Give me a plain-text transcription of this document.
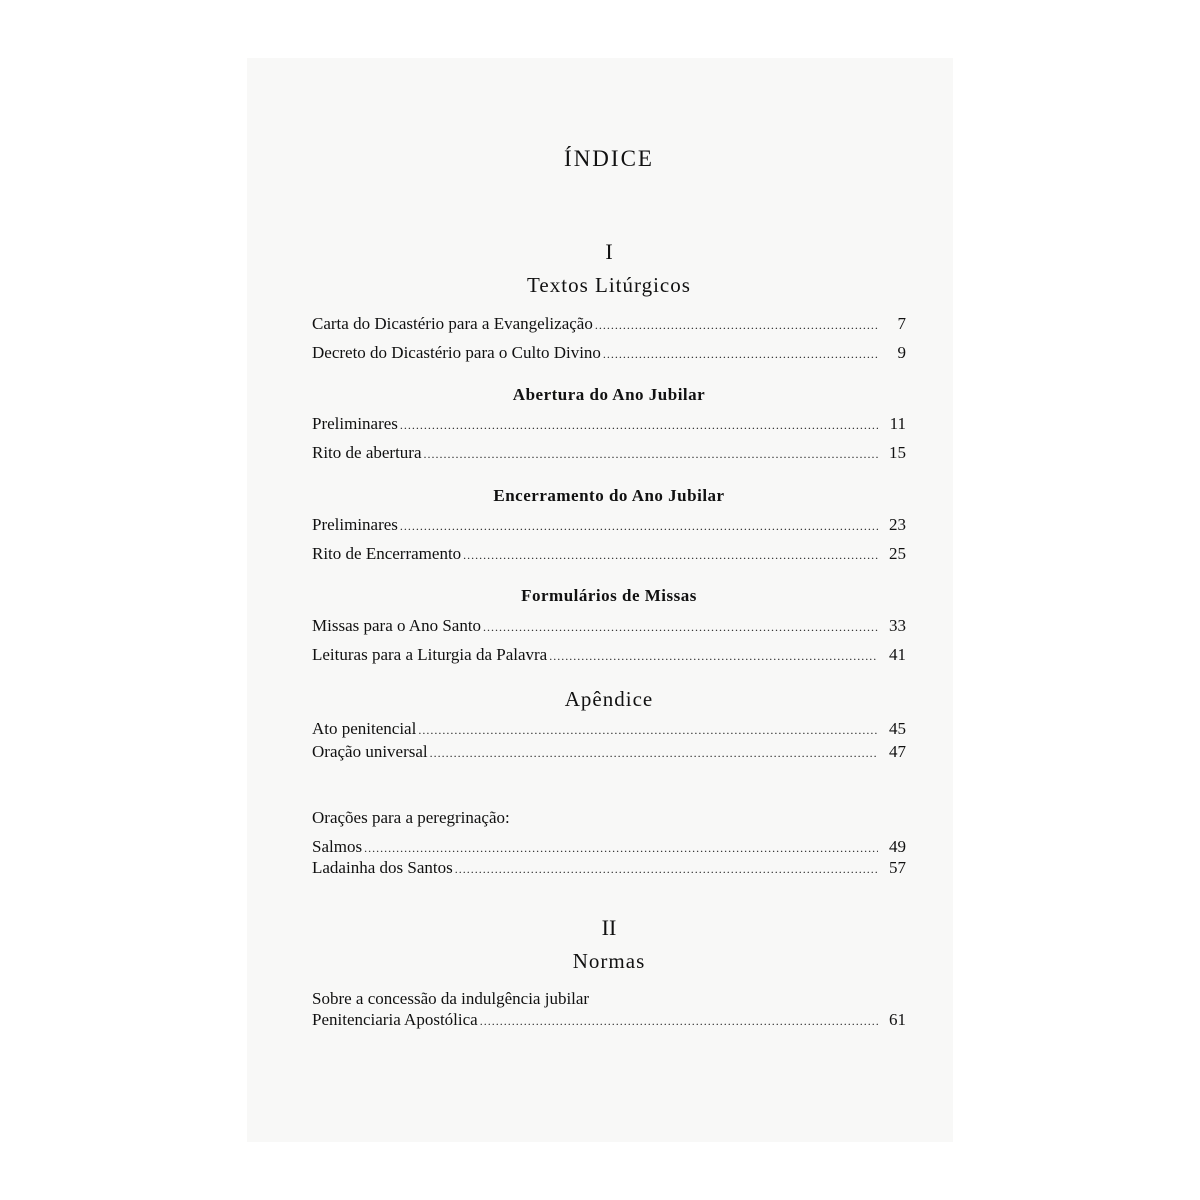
ÍNDICE
I
Textos Litúrgicos
Carta do Dicastério para a Evangelização .....	7
Decreto do Dicastério para o Culto Divino .....	9
Abertura do Ano Jubilar
Preliminares .....	11
Rito de abertura .....	15
Encerramento do Ano Jubilar
Preliminares .....	23
Rito de Encerramento .....	25
Formulários de Missas
Missas para o Ano Santo .....	33
Leituras para a Liturgia da Palavra .....	41
Apêndice
Ato penitencial .....	45
Oração universal .....	47
Orações para a peregrinação:
Salmos .....	49
Ladainha dos Santos .....	57
II
Normas
Sobre a concessão da indulgência jubilar
Penitenciaria Apostólica .....	61
